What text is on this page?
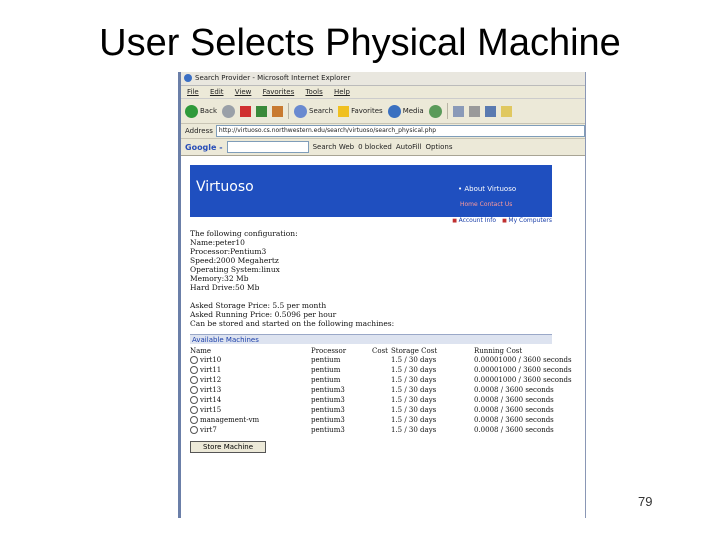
User Selects Physical Machine
Search Provider - Microsoft Internet Explorer
File Edit View Favorites Tools Help
Back	Search	Favorites	Media
Address	http://virtuoso.cs.northwestern.edu/search/virtuoso/search_physical.php
Google -	Search Web 0 blocked AutoFill Options
Virtuoso	• About Virtuoso
Home Contact Us
■ Account Info	■ My Computers
The following configuration:
Name:peter10
Processor:Pentium3
Speed:2000 Megahertz
Operating System:linux
Memory:32 Mb
Hard Drive:50 Mb
Asked Storage Price: 5.5 per month
Asked Running Price: 0.5096 per hour
Can be stored and started on the following machines:
Available Machines
Name	Processor	Cost	Storage Cost	Running Cost
virt10	pentium		1.5 / 30 days	0.00001000 / 3600 seconds
virt11	pentium		1.5 / 30 days	0.00001000 / 3600 seconds
virt12	pentium		1.5 / 30 days	0.00001000 / 3600 seconds
virt13	pentium3		1.5 / 30 days	0.0008 / 3600 seconds
virt14	pentium3		1.5 / 30 days	0.0008 / 3600 seconds
virt15	pentium3		1.5 / 30 days	0.0008 / 3600 seconds
management-vm	pentium3		1.5 / 30 days	0.0008 / 3600 seconds
virt7	pentium3		1.5 / 30 days	0.0008 / 3600 seconds
Store Machine
79
